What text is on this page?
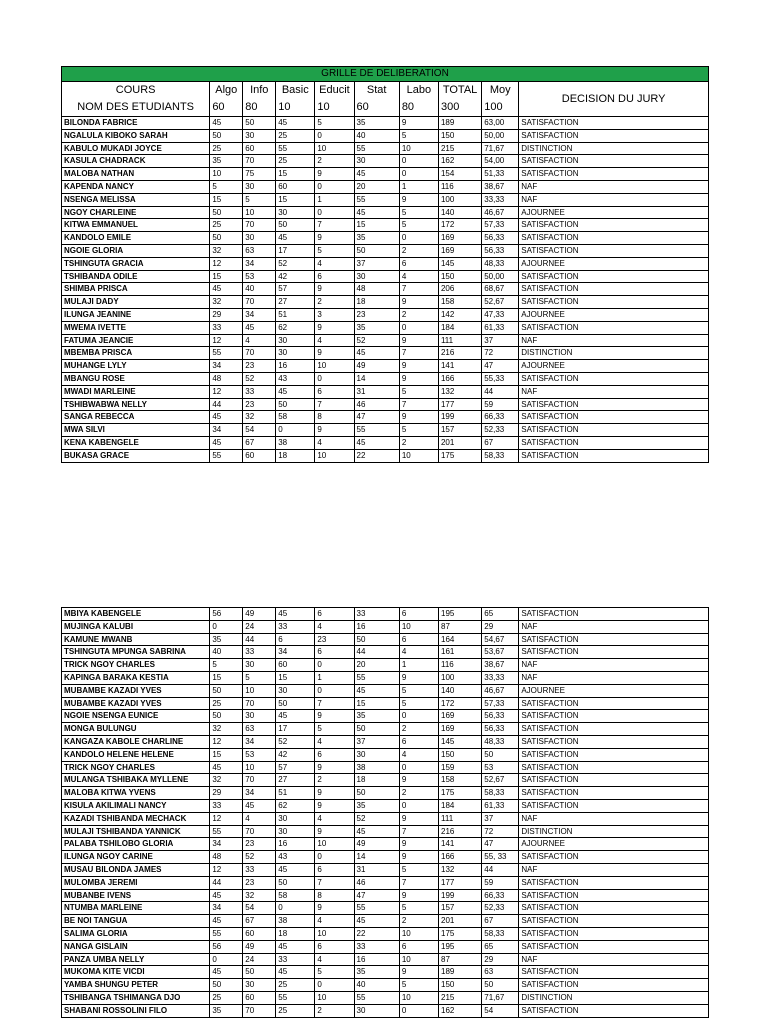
GRILLE DE DELIBERATION									
COURS	Algo	Info	Basic	Educit	Stat	Labo	TOTAL	Moy	DECISION DU JURY
NOM DES ETUDIANTS	60	80	10	10	60	80	300	100	
BILONDA FABRICE	45	50	45	5	35	9	189	63,00	SATISFACTION
NGALULA KIBOKO SARAH	50	30	25	0	40	5	150	50,00	SATISFACTION
KABULO MUKADI JOYCE	25	60	55	10	55	10	215	71,67	DISTINCTION
KASULA CHADRACK	35	70	25	2	30	0	162	54,00	SATISFACTION
MALOBA NATHAN	10	75	15	9	45	0	154	51,33	SATISFACTION
KAPENDA NANCY	5	30	60	0	20	1	116	38,67	NAF
NSENGA MELISSA	15	5	15	1	55	9	100	33,33	NAF
NGOY CHARLEINE	50	10	30	0	45	5	140	46,67	AJOURNEE
KITWA EMMANUEL	25	70	50	7	15	5	172	57,33	SATISFACTION
KANDOLO EMILE	50	30	45	9	35	0	169	56,33	SATISFACTION
NGOIE GLORIA	32	63	17	5	50	2	169	56,33	SATISFACTION
TSHINGUTA GRACIA	12	34	52	4	37	6	145	48,33	AJOURNEE
TSHIBANDA ODILE	15	53	42	6	30	4	150	50,00	SATISFACTION
SHIMBA PRISCA	45	40	57	9	48	7	206	68,67	SATISFACTION
MULAJI DADY	32	70	27	2	18	9	158	52,67	SATISFACTION
ILUNGA JEANINE	29	34	51	3	23	2	142	47,33	AJOURNEE
MWEMA IVETTE	33	45	62	9	35	0	184	61,33	SATISFACTION
FATUMA JEANCIE	12	4	30	4	52	9	111	37	NAF
MBEMBA PRISCA	55	70	30	9	45	7	216	72	DISTINCTION
MUHANGE LYLY	34	23	16	10	49	9	141	47	AJOURNEE
MBANGU ROSE	48	52	43	0	14	9	166	55,33	SATISFACTION
MWADI MARLEINE	12	33	45	6	31	5	132	44	NAF
TSHIBWABWA NELLY	44	23	50	7	46	7	177	59	SATISFACTION
SANGA REBECCA	45	32	58	8	47	9	199	66,33	SATISFACTION
MWA SILVI	34	54	0	9	55	5	157	52,33	SATISFACTION
KENA KABENGELE	45	67	38	4	45	2	201	67	SATISFACTION
BUKASA GRACE	55	60	18	10	22	10	175	58,33	SATISFACTION
MBIYA KABENGELE	56	49	45	6	33	6	195	65	SATISFACTION
MUJINGA KALUBI	0	24	33	4	16	10	87	29	NAF
KAMUNE MWANB	35	44	6	23	50	6	164	54,67	SATISFACTION
TSHINGUTA MPUNGA SABRINA	40	33	34	6	44	4	161	53,67	SATISFACTION
TRICK NGOY CHARLES	5	30	60	0	20	1	116	38,67	NAF
KAPINGA BARAKA KESTIA	15	5	15	1	55	9	100	33,33	NAF
MUBAMBE KAZADI YVES	50	10	30	0	45	5	140	46,67	AJOURNEE
MUBAMBE KAZADI YVES	25	70	50	7	15	5	172	57,33	SATISFACTION
NGOIE NSENGA EUNICE	50	30	45	9	35	0	169	56,33	SATISFACTION
MONGA BULUNGU	32	63	17	5	50	2	169	56,33	SATISFACTION
KANGAZA KABOLE CHARLINE	12	34	52	4	37	6	145	48,33	SATISFACTION
KANDOLO HELENE HELENE	15	53	42	6	30	4	150	50	SATISFACTION
TRICK NGOY CHARLES	45	10	57	9	38	0	159	53	SATISFACTION
MULANGA TSHIBAKA MYLLENE	32	70	27	2	18	9	158	52,67	SATISFACTION
MALOBA KITWA YVENS	29	34	51	9	50	2	175	58,33	SATISFACTION
KISULA AKILIMALI NANCY	33	45	62	9	35	0	184	61,33	SATISFACTION
KAZADI TSHIBANDA MECHACK	12	4	30	4	52	9	111	37	NAF
MULAJI TSHIBANDA YANNICK	55	70	30	9	45	7	216	72	DISTINCTION
PALABA TSHILOBO GLORIA	34	23	16	10	49	9	141	47	AJOURNEE
ILUNGA NGOY CARINE	48	52	43	0	14	9	166	55, 33	SATISFACTION
MUSAU BILONDA JAMES	12	33	45	6	31	5	132	44	NAF
MULOMBA JEREMI	44	23	50	7	46	7	177	59	SATISFACTION
MUBANBE IVENS	45	32	58	8	47	9	199	66,33	SATISFACTION
NTUMBA MARLEINE	34	54	0	9	55	5	157	52,33	SATISFACTION
BE NOI TANGUA	45	67	38	4	45	2	201	67	SATISFACTION
SALIMA GLORIA	55	60	18	10	22	10	175	58,33	SATISFACTION
NANGA GISLAIN	56	49	45	6	33	6	195	65	SATISFACTION
PANZA UMBA NELLY	0	24	33	4	16	10	87	29	NAF
MUKOMA KITE VICDI	45	50	45	5	35	9	189	63	SATISFACTION
YAMBA SHUNGU PETER	50	30	25	0	40	5	150	50	SATISFACTION
TSHIBANGA TSHIMANGA DJO	25	60	55	10	55	10	215	71,67	DISTINCTION
SHABANI ROSSOLINI FILO	35	70	25	2	30	0	162	54	SATISFACTION
